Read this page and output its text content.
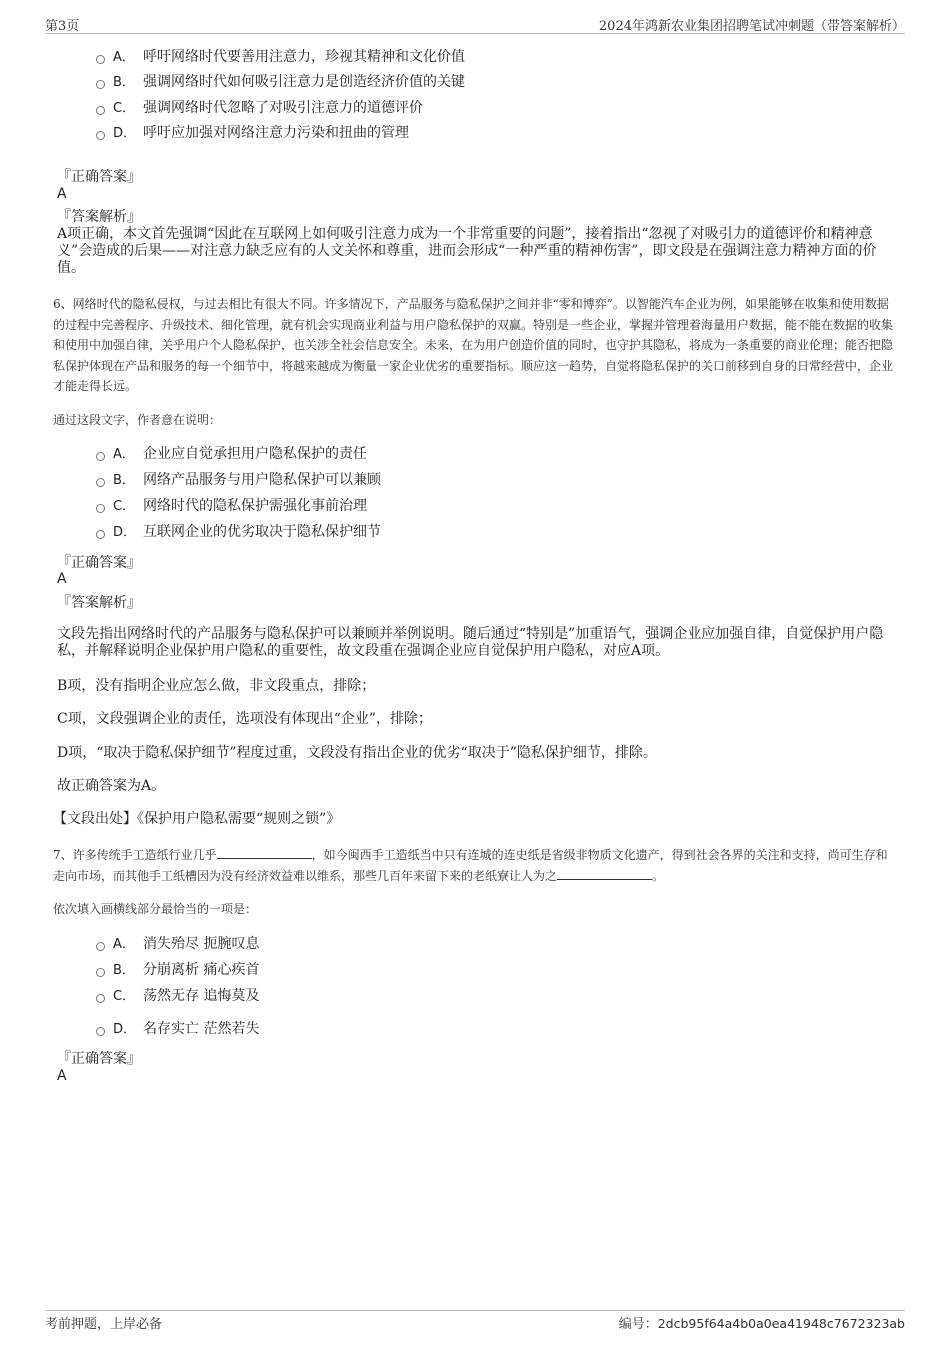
第3页	2024年鸿新农业集团招聘笔试冲刺题（带答案解析）
A． 呼吁网络时代要善用注意力，珍视其精神和文化价值
B． 强调网络时代如何吸引注意力是创造经济价值的关键
C． 强调网络时代忽略了对吸引注意力的道德评价
D． 呼吁应加强对网络注意力污染和扭曲的管理
『正确答案』
A
『答案解析』

A项正确，本文首先强调“因此在互联网上如何吸引注意力成为一个非常重要的问题”，接着指出“忽视了对吸引力的道德评价和精神意义”会造成的后果——对注意力缺乏应有的人文关怀和尊重，进而会形成“一种严重的精神伤害”，即文段是在强调注意力精神方面的价值。

6、网络时代的隐私侵权，与过去相比有很大不同。许多情况下，产品服务与隐私保护之间并非“零和博弈”。以智能汽车企业为例，如果能够在收集和使用数据的过程中完善程序、升级技术、细化管理，就有机会实现商业利益与用户隐私保护的双赢。特别是一些企业，掌握并管理着海量用户数据，能不能在数据的收集和使用中加强自律，关乎用户个人隐私保护，也关涉全社会信息安全。未来，在为用户创造价值的同时，也守护其隐私，将成为一条重要的商业伦理；能否把隐私保护体现在产品和服务的每一个细节中，将越来越成为衡量一家企业优劣的重要指标。顺应这一趋势，自觉将隐私保护的关口前移到自身的日常经营中，企业才能走得长远。

通过这段文字，作者意在说明：

A． 企业应自觉承担用户隐私保护的责任
B． 网络产品服务与用户隐私保护可以兼顾
C． 网络时代的隐私保护需强化事前治理
D． 互联网企业的优劣取决于隐私保护细节
『正确答案』
A
『答案解析』

文段先指出网络时代的产品服务与隐私保护可以兼顾并举例说明。随后通过“特别是”加重语气，强调企业应加强自律，自觉保护用户隐私，并解释说明企业保护用户隐私的重要性，故文段重在强调企业应自觉保护用户隐私，对应A项。

B项，没有指明企业应怎么做，非文段重点，排除；

C项，文段强调企业的责任，选项没有体现出“企业”，排除；

D项，“取决于隐私保护细节”程度过重，文段没有指出企业的优劣“取决于”隐私保护细节，排除。

故正确答案为A。

【文段出处】《保护用户隐私需要“规则之锁”》

7、许多传统手工造纸行业几乎	，如今闽西手工造纸当中只有连城的连史纸是省级非物质文化遗产，得到社会各界的关注和支持，尚可生存和走向市场，而其他手工纸槽因为没有经济效益难以维系，那些几百年来留下来的老纸寮让人为之	。

依次填入画横线部分最恰当的一项是：

A． 消失殆尽 扼腕叹息
B． 分崩离析 痛心疾首
C． 荡然无存 追悔莫及
D． 名存实亡 茫然若失
『正确答案』
A
考前押题，上岸必备	编号：2dcb95f64a4b0a0ea41948c7672323ab
